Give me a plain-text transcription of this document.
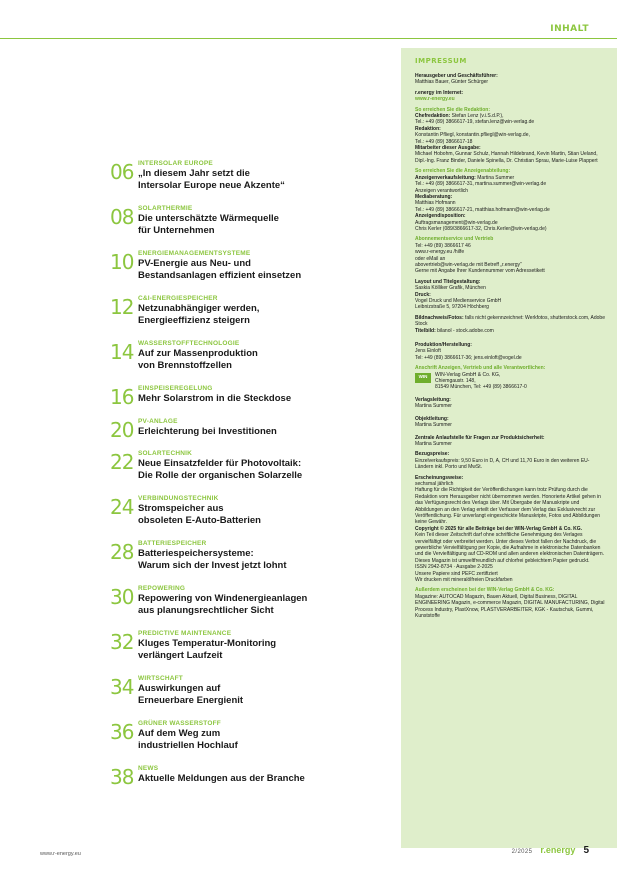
INHALT
06 INTERSOLAR EUROPE
„In diesem Jahr setzt die
Intersolar Europe neue Akzente“
08 SOLARTHERMIE
Die unterschätzte Wärmequelle
für Unternehmen
10 ENERGIEMANAGEMENTSYSTEME
PV-Energie aus Neu- und
Bestandsanlagen effizient einsetzen
12 C&I-ENERGIESPEICHER
Netzunabhängiger werden,
Energieeffizienz steigern
14 WASSERSTOFFTECHNOLOGIE
Auf zur Massenproduktion
von Brennstoffzellen
16 EINSPEISEREGELUNG
Mehr Solarstrom in die Steckdose
20 PV-ANLAGE
Erleichterung bei Investitionen
22 SOLARTECHNIK
Neue Einsatzfelder für Photovoltaik:
Die Rolle der organischen Solarzelle
24 VERBINDUNGSTECHNIK
Stromspeicher aus
obsoleten E-Auto-Batterien
28 BATTERIESPEICHER
Batteriespeichersysteme:
Warum sich der Invest jetzt lohnt
30 REPOWERING
Repowering von Windenergieanlagen
aus planungsrechtlicher Sicht
32 PREDICTIVE MAINTENANCE
Kluges Temperatur-Monitoring
verlängert Laufzeit
34 WIRTSCHAFT
Auswirkungen auf
Erneuerbare Energienit
36 GRÜNER WASSERSTOFF
Auf dem Weg zum
industriellen Hochlauf
38 NEWS
Aktuelle Meldungen aus der Branche
IMPRESSUM

Herausgeber und Geschäftsführer:

Matthias Bauer, Günter Schürger

r.energy im Internet:

www.r-energy.eu

So erreichen Sie die Redaktion:

Chefredaktion: Stefan Lenz (v.i.S.d.P.),

Tel.: +49 (89) 3866617-19, stefan.lenz@win-verlag.de

Redaktion:

Konstantin Pfliegl, konstantin.pfliegl@win-verlag.de,

Tel.: +49 (89) 3866617-18

Mitarbeiter dieser Ausgabe:

Michael Hobohm, Gunnar Schulz, Hannah Hildebrand, Kevin Martin, Stian Ueland, Dipl.-Ing. Franz Binder, Daniele Spinella, Dr. Christian Sprau, Marie-Luise Plappert

So erreichen Sie die Anzeigenabteilung:

Anzeigenverkaufsleitung: Martina Summer

Tel.: +49 (89) 3866617-31, martina.summer@win-verlag.de

Anzeigen verantwortlich

Mediaberatung:

Matthias Hofmann

Tel.: +49 (89) 3866617-21, matthias.hofmann@win-verlag.de

Anzeigendisposition:

Auftragsmanagement@win-verlag.de

Chris Kerler (089/3866617-32, Chris.Kerler@win-verlag.de)

Abonnementservice und Vertrieb

Tel: +49 (89) 3866617 46

www.r-energy.eu /hilfe

oder eMail an

abovertrieb@win-verlag.de mit Betreff „r.energy“

Gerne mit Angabe Ihrer Kundennummer vom Adressetikett

Layout und Titelgestaltung:

Saskia Kölliker Grafik, München

Druck:

Vogel Druck und Medienservice GmbH

Leibnizstraße 5, 97204 Höchberg

Bildnachweis/Fotos: falls nicht gekennzeichnet: Werkfotos, shutterstock.com, Adobe Stock

Titelbild: bilanol - stock.adobe.com

Produktion/Herstellung:

Jens Einloft

Tel: +49 (89) 3866617-36; jens.einloft@vogel.de

Anschrift Anzeigen, Vertrieb und alle Verantwortlichen:

WIN	WIN-Verlag GmbH & Co. KG,

Chiemgaustr. 148,

81549 München, Tel: +49 (89) 3866617-0

Verlagsleitung:

Martina Summer

Objektleitung:

Martina Summer

Zentrale Anlaufstelle für Fragen zur Produktsicherheit:

Martina Summer

Bezugspreise:

Einzelverkaufspreis: 9,50 Euro in D, A, CH und 11,70 Euro in den weiteren EU-Ländern inkl. Porto und MwSt.

Erscheinungsweise:

sechsmal jährlich

Haftung für die Richtigkeit der Veröffentlichungen kann trotz Prüfung durch die Redaktion vom Herausgeber nicht übernommen werden. Honorierte Artikel gehen in das Verfügungsrecht des Verlags über. Mit Übergabe der Manuskripte und Abbildungen an den Verlag erteilt der Verfasser dem Verlag das Exklusivrecht zur Veröffentlichung. Für unverlangt eingeschickte Manuskripte, Fotos und Abbildungen keine Gewähr.

Copyright © 2025 für alle Beiträge bei der WIN-Verlag GmbH & Co. KG.

Kein Teil dieser Zeitschrift darf ohne schriftliche Genehmigung des Verlages vervielfältigt oder verbreitet werden. Unter dieses Verbot fallen der Nachdruck, die gewerbliche Vervielfältigung per Kopie, die Aufnahme in elektronische Datenbanken und die Vervielfältigung auf CD-ROM und allen anderen elektronischen Datenträgern. Dieses Magazin ist umweltfreundlich auf chlorfrei gebleichtem Papier gedruckt.

ISSN 2942-8734 · Ausgabe 2-2025

Unsere Papiere sind PEFC zertifiziert

Wir drucken mit mineralölfreien Druckfarben

Außerdem erscheinen bei der WIN-Verlag GmbH & Co. KG:

Magazine: AUTOCAD Magazin, Bauen Aktuell, Digital Business, DIGITAL ENGINEERING Magazin, e-commerce Magazin, DIGITAL MANUFACTURING, Digital Process Industry, PlastXnow, PLASTVERARBEITER, KGK - Kautschuk, Gummi, Kunststoffe

www.r-energy.eu	2/2025 r.energy 5
